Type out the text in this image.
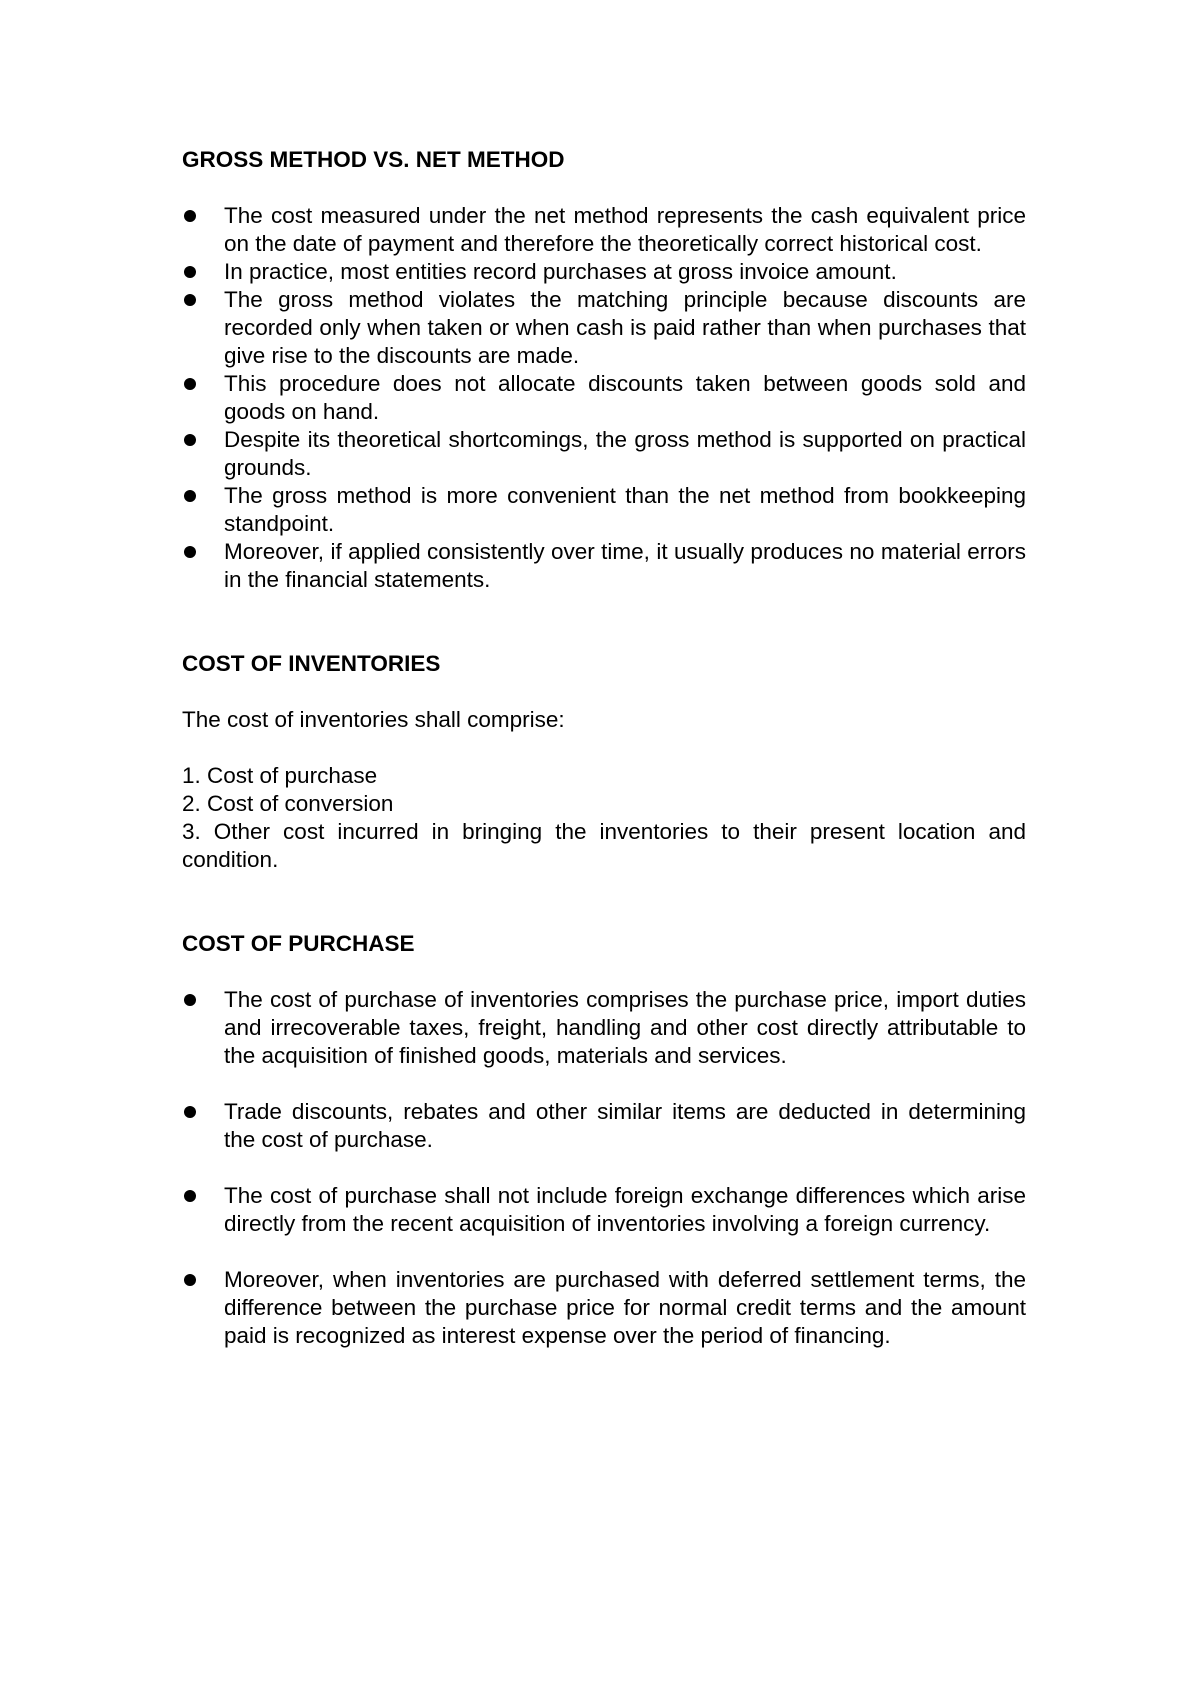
GROSS METHOD VS. NET METHOD
The cost measured under the net method represents the cash equivalent price on the date of payment and therefore the theoretically correct historical cost.
In practice, most entities record purchases at gross invoice amount.
The gross method violates the matching principle because discounts are recorded only when taken or when cash is paid rather than when purchases that give rise to the discounts are made.
This procedure does not allocate discounts taken between goods sold and goods on hand.
Despite its theoretical shortcomings, the gross method is supported on practical grounds.
The gross method is more convenient than the net method from bookkeeping standpoint.
Moreover, if applied consistently over time, it usually produces no material errors in the financial statements.
COST OF INVENTORIES

The cost of inventories shall comprise:

1. Cost of purchase
2. Cost of conversion
3. Other cost incurred in bringing the inventories to their present location and condition.
COST OF PURCHASE
The cost of purchase of inventories comprises the purchase price, import duties and irrecoverable taxes, freight, handling and other cost directly attributable to the acquisition of finished goods, materials and services.
Trade discounts, rebates and other similar items are deducted in determining the cost of purchase.
The cost of purchase shall not include foreign exchange differences which arise directly from the recent acquisition of inventories involving a foreign currency.
Moreover, when inventories are purchased with deferred settlement terms, the difference between the purchase price for normal credit terms and the amount paid is recognized as interest expense over the period of financing.
